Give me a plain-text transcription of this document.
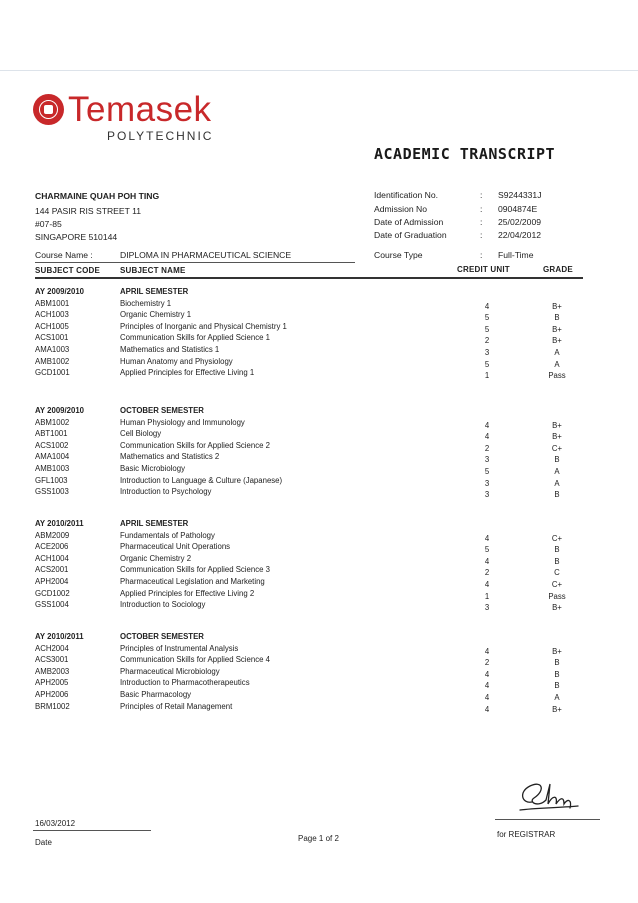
Temasek
POLYTECHNIC
ACADEMIC TRANSCRIPT
CHARMAINE QUAH POH TING
144 PASIR RIS STREET 11
#07-85
SINGAPORE 510144
Identification No.	: S9244331J
Admission No	: 0904874E
Date of Admission	: 25/02/2009
Date of Graduation	: 22/04/2012
Course Name :	DIPLOMA IN PHARMACEUTICAL SCIENCE	Course Type	: Full-Time
SUBJECT CODE SUBJECT NAME	CREDIT UNIT	GRADE
AY 2009/2010	APRIL SEMESTER
ABM1001	Biochemistry 1	4	B+
ACH1003	Organic Chemistry 1	5	B
ACH1005	Principles of Inorganic and Physical Chemistry 1	5	B+
ACS1001	Communication Skills for Applied Science 1	2	B+
AMA1003	Mathematics and Statistics 1	3	A
AMB1002	Human Anatomy and Physiology	5	A
GCD1001	Applied Principles for Effective Living 1	1	Pass
AY 2009/2010	OCTOBER SEMESTER
ABM1002	Human Physiology and Immunology	4	B+
ABT1001	Cell Biology	4	B+
ACS1002	Communication Skills for Applied Science 2	2	C+
AMA1004	Mathematics and Statistics 2	3	B
AMB1003	Basic Microbiology	5	A
GFL1003	Introduction to Language & Culture (Japanese)	3	A
GSS1003	Introduction to Psychology	3	B
AY 2010/2011	APRIL SEMESTER
ABM2009	Fundamentals of Pathology	4	C+
ACE2006	Pharmaceutical Unit Operations	5	B
ACH1004	Organic Chemistry 2	4	B
ACS2001	Communication Skills for Applied Science 3	2	C
APH2004	Pharmaceutical Legislation and Marketing	4	C+
GCD1002	Applied Principles for Effective Living 2	1	Pass
GSS1004	Introduction to Sociology	3	B+
AY 2010/2011	OCTOBER SEMESTER
ACH2004	Principles of Instrumental Analysis	4	B+
ACS3001	Communication Skills for Applied Science 4	2	B
AMB2003	Pharmaceutical Microbiology	4	B
APH2005	Introduction to Pharmacotherapeutics	4	B
APH2006	Basic Pharmacology	4	A
BRM1002	Principles of Retail Management	4	B+
for REGISTRAR
16/03/2012
Date	Page 1 of 2
